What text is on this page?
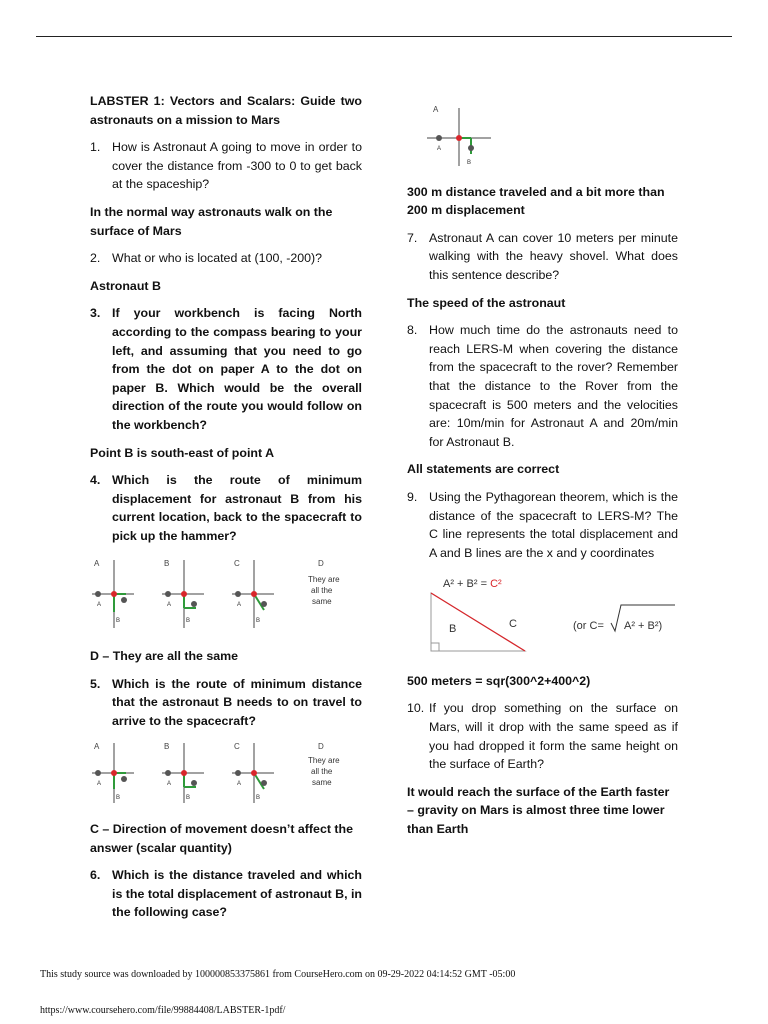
LABSTER 1: Vectors and Scalars: Guide two astronauts on a mission to Mars
1. How is Astronaut A going to move in order to cover the distance from -300 to 0 to get back at the spaceship?
In the normal way astronauts walk on the surface of Mars
2. What or who is located at (100, -200)?
Astronaut B
3. If your workbench is facing North according to the compass bearing to your left, and assuming that you need to go from the dot on paper A to the dot on paper B. Which would be the overall direction of the route you would follow on the workbench?
Point B is south-east of point A
4. Which is the route of minimum displacement for astronaut B from his current location, back to the spacecraft to pick up the hammer?
A
A
B
B
A
B
C
A
B
D
They are
all the
same
D – They are all the same
5. Which is the route of minimum distance that the astronaut B needs to on travel to arrive to the spacecraft?
A
A
B
B
A
B
C
A
B
D
They are
all the
same
C – Direction of movement doesn’t affect the answer (scalar quantity)
6. Which is the distance traveled and which is the total displacement of astronaut B, in the following case?
A
A
B
300 m distance traveled and a bit more than 200 m displacement
7. Astronaut A can cover 10 meters per minute walking with the heavy shovel. What does this sentence describe?
The speed of the astronaut
8. How much time do the astronauts need to reach LERS-M when covering the distance from the spacecraft to the rover? Remember that the distance to the Rover from the spacecraft is 500 meters and the velocities are: 10m/min for Astronaut A and 20m/min for Astronaut B.
All statements are correct
9. Using the Pythagorean theorem, which is the distance of the spacecraft to LERS-M? The C line represents the total displacement and A and B lines are the x and y coordinates
A² + B² = C²
B	C	(or C= A² + B²)
500 meters = sqr(300^2+400^2)
10. If you drop something on the surface on Mars, will it drop with the same speed as if you had dropped it form the same height on the surface of Earth?
It would reach the surface of the Earth faster – gravity on Mars is almost three time lower than Earth
This study source was downloaded by 100000853375861 from CourseHero.com on 09-29-2022 04:14:52 GMT -05:00
https://www.coursehero.com/file/99884408/LABSTER-1pdf/
